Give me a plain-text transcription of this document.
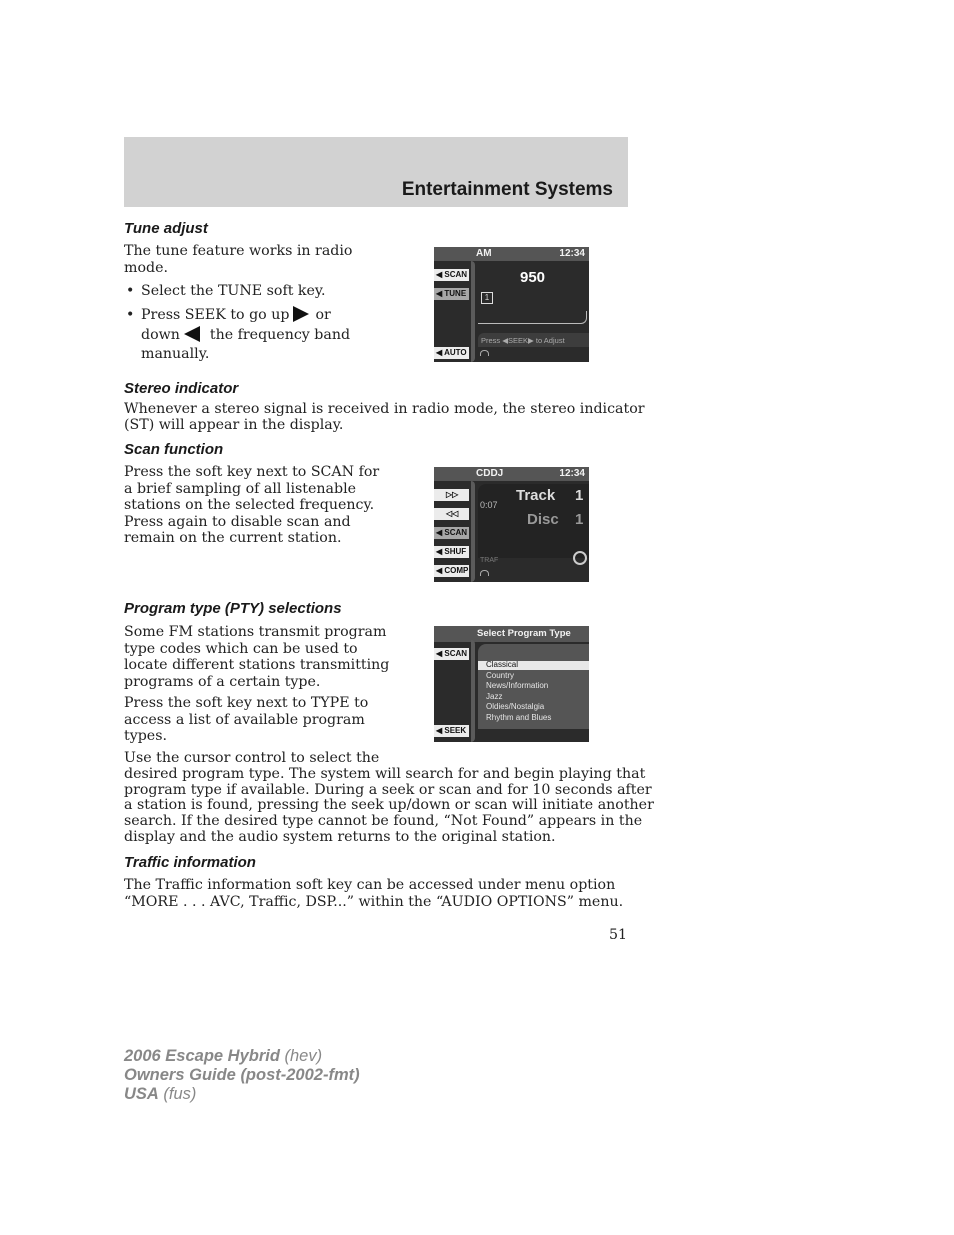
Entertainment Systems
Tune adjust
The tune feature works in radio
mode.
• Select the TUNE soft key.
• Press SEEK to go up or
down the frequency band
manually.
AM	12:34
◀ SCAN
◀ TUNE
◀ AUTO
950
1
Press ◀SEEK▶ to Adjust
Stereo indicator
Whenever a stereo signal is received in radio mode, the stereo indicator
(ST) will appear in the display.
Scan function
Press the soft key next to SCAN for
a brief sampling of all listenable
stations on the selected frequency.
Press again to disable scan and
remain on the current station.
CDDJ	12:34
▷▷
◁◁
◀ SCAN
◀ SHUF
◀ COMP
0:07
Track 1
Disc 1
TRAF
Program type (PTY) selections
Some FM stations transmit program
type codes which can be used to
locate different stations transmitting
programs of a certain type.
Press the soft key next to TYPE to
access a list of available program
types.
Use the cursor control to select the
desired program type. The system will search for and begin playing that
program type if available. During a seek or scan and for 10 seconds after
a station is found, pressing the seek up/down or scan will initiate another
search. If the desired type cannot be found, “Not Found” appears in the
display and the audio system returns to the original station.
Select Program Type
◀ SCAN
◀ SEEK
Classical
Country
News/Information
Jazz
Oldies/Nostalgia
Rhythm and Blues
Traffic information
The Traffic information soft key can be accessed under menu option
“MORE . . . AVC, Traffic, DSP...” within the “AUDIO OPTIONS” menu.
51
2006 Escape Hybrid (hev)
Owners Guide (post-2002-fmt)
USA (fus)
